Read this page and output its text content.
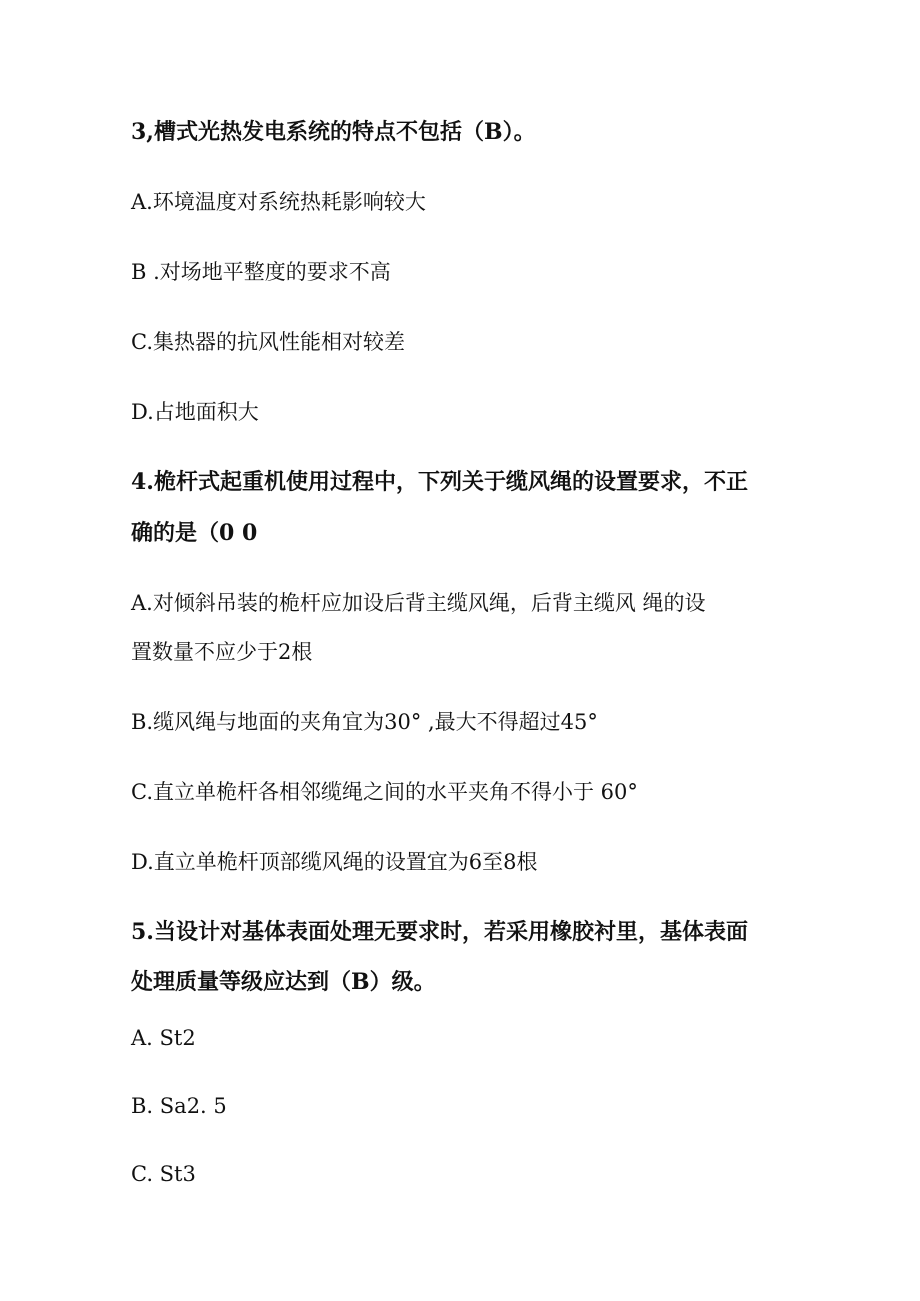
3,槽式光热发电系统的特点不包括（B）。
A.环境温度对系统热耗影响较大
B .对场地平整度的要求不高
C.集热器的抗风性能相对较差
D.占地面积大
4.桅杆式起重机使用过程中，下列关于缆风绳的设置要求，不正
确的是（0 0
A.对倾斜吊装的桅杆应加设后背主缆风绳，后背主缆风 绳的设
置数量不应少于2根
B.缆风绳与地面的夹角宜为30° ,最大不得超过45°
C.直立单桅杆各相邻缆绳之间的水平夹角不得小于 60°
D.直立单桅杆顶部缆风绳的设置宜为6至8根
5.当设计对基体表面处理无要求时，若采用橡胶衬里，基体表面
处理质量等级应达到（B）级。
A. St2
B. Sa2. 5
C. St3
